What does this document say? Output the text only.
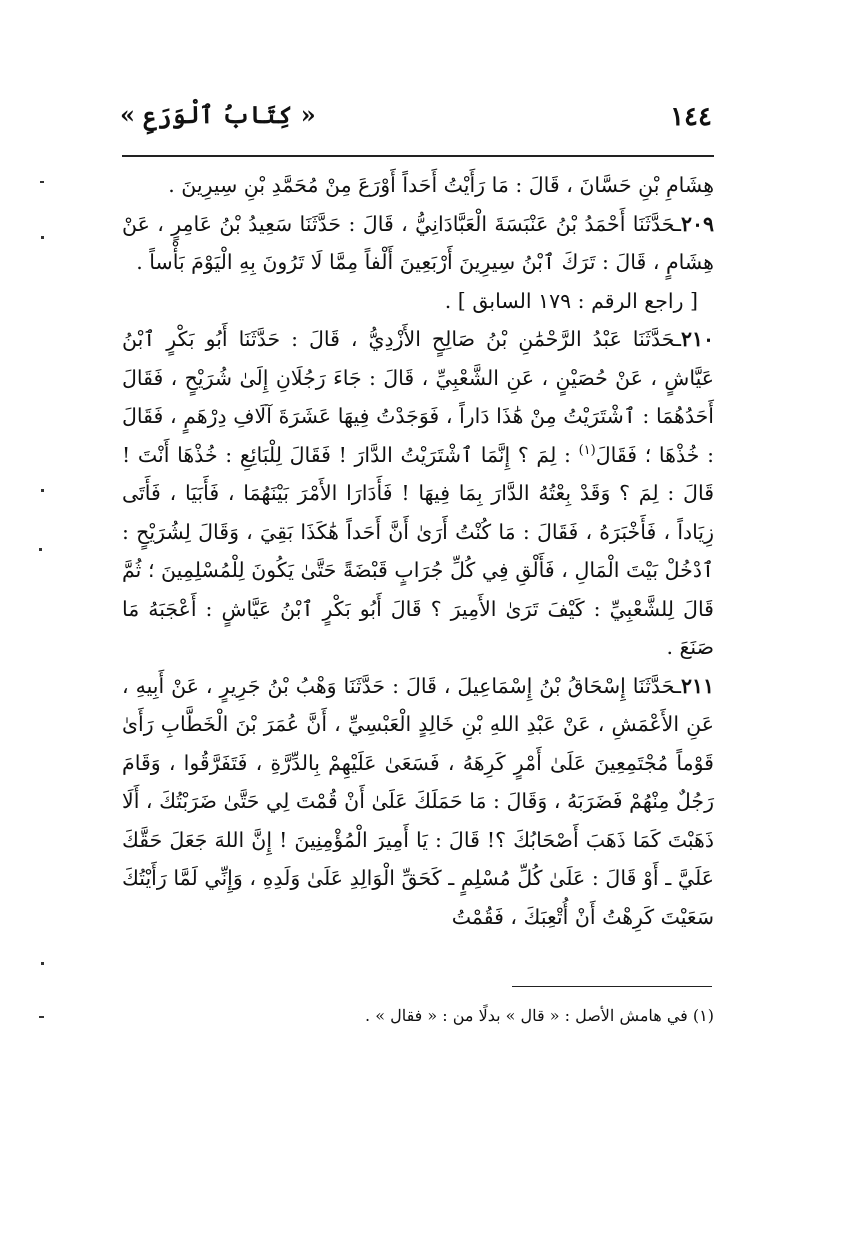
١٤٤
« كِتَابُ ٱلْوَرَعِ »

هِشَامِ بْنِ حَسَّانَ ، قَالَ : مَا رَأَيْتُ أَحَداً أَوْرَعَ مِنْ مُحَمَّدِ بْنِ سِيرِينَ .

٢٠٩ـحَدَّثَنَا أَحْمَدُ بْنُ عَنْبَسَةَ الْعَبَّادَانِيُّ ، قَالَ : حَدَّثَنَا سَعِيدُ بْنُ عَامِرٍ ، عَنْ هِشَامٍ ، قَالَ : تَرَكَ ٱبْنُ سِيرِينَ أَرْبَعِينَ أَلْفاً مِمَّا لَا تَرُونَ بِهِ الْيَوْمَ بَأْساً .

[ راجع الرقم : ١٧٩ السابق ] .

٢١٠ـحَدَّثَنَا عَبْدُ الرَّحْمَٰنِ بْنُ صَالِحٍ الأَزْدِيُّ ، قَالَ : حَدَّثَنَا أَبُو بَكْرٍ ٱبْنُ عَيَّاشٍ ، عَنْ حُصَيْنٍ ، عَنِ الشَّعْبِيِّ ، قَالَ : جَاءَ رَجُلَانِ إِلَىٰ شُرَيْحٍ ، فَقَالَ أَحَدُهُمَا : ٱشْتَرَيْتُ مِنْ هَٰذَا دَاراً ، فَوَجَدْتُ فِيهَا عَشَرَةَ آلَافِ دِرْهَمٍ ، فَقَالَ : خُذْهَا ؛ فَقَالَ$^{(١)}$ : لِمَ ؟ إِنَّمَا ٱشْتَرَيْتُ الدَّارَ ! فَقَالَ لِلْبَائِعِ : خُذْهَا أَنْتَ ! قَالَ : لِمَ ؟ وَقَدْ بِعْتُهُ الدَّارَ بِمَا فِيهَا ! فَأَدَارَا الأَمْرَ بَيْنَهُمَا ، فَأَبَيَا ، فَأَتَى زِيَاداً ، فَأَخْبَرَهُ ، فَقَالَ : مَا كُنْتُ أَرَىٰ أَنَّ أَحَداً هَٰكَذَا بَقِيَ ، وَقَالَ لِشُرَيْحٍ : ٱدْخُلْ بَيْتَ الْمَالِ ، فَأَلْقِ فِي كُلِّ جُرَابٍ قَبْضَةً حَتَّىٰ يَكُونَ لِلْمُسْلِمِينَ ؛ ثُمَّ قَالَ لِلشَّعْبِيِّ : كَيْفَ تَرَىٰ الأَمِيرَ ؟ قَالَ أَبُو بَكْرٍ ٱبْنُ عَيَّاشٍ : أَعْجَبَهُ مَا صَنَعَ .

٢١١ـحَدَّثَنَا إِسْحَاقُ بْنُ إِسْمَاعِيلَ ، قَالَ : حَدَّثَنَا وَهْبُ بْنُ جَرِيرٍ ، عَنْ أَبِيهِ ، عَنِ الأَعْمَشِ ، عَنْ عَبْدِ اللهِ بْنِ خَالِدٍ الْعَبْسِيِّ ، أَنَّ عُمَرَ بْنَ الْخَطَّابِ رَأَىٰ قَوْماً مُجْتَمِعِينَ عَلَىٰ أَمْرٍ كَرِهَهُ ، فَسَعَىٰ عَلَيْهِمْ بِالدِّرَّةِ ، فَتَفَرَّقُوا ، وَقَامَ رَجُلٌ مِنْهُمْ فَضَرَبَهُ ، وَقَالَ : مَا حَمَلَكَ عَلَىٰ أَنْ قُمْتَ لِي حَتَّىٰ ضَرَبْتُكَ ، أَلَا ذَهَبْتَ كَمَا ذَهَبَ أَصْحَابُكَ ؟! قَالَ : يَا أَمِيرَ الْمُؤْمِنِينَ ! إِنَّ اللهَ جَعَلَ حَقَّكَ عَلَيَّ ـ أَوْ قَالَ : عَلَىٰ كُلِّ مُسْلِمٍ ـ كَحَقِّ الْوَالِدِ عَلَىٰ وَلَدِهِ ، وَإِنِّي لَمَّا رَأَيْتُكَ سَعَيْتَ كَرِهْتُ أَنْ أُتْعِبَكَ ، فَقُمْتُ

(١) في هامش الأصل : « قال » بدلًا من : « فقال » .
